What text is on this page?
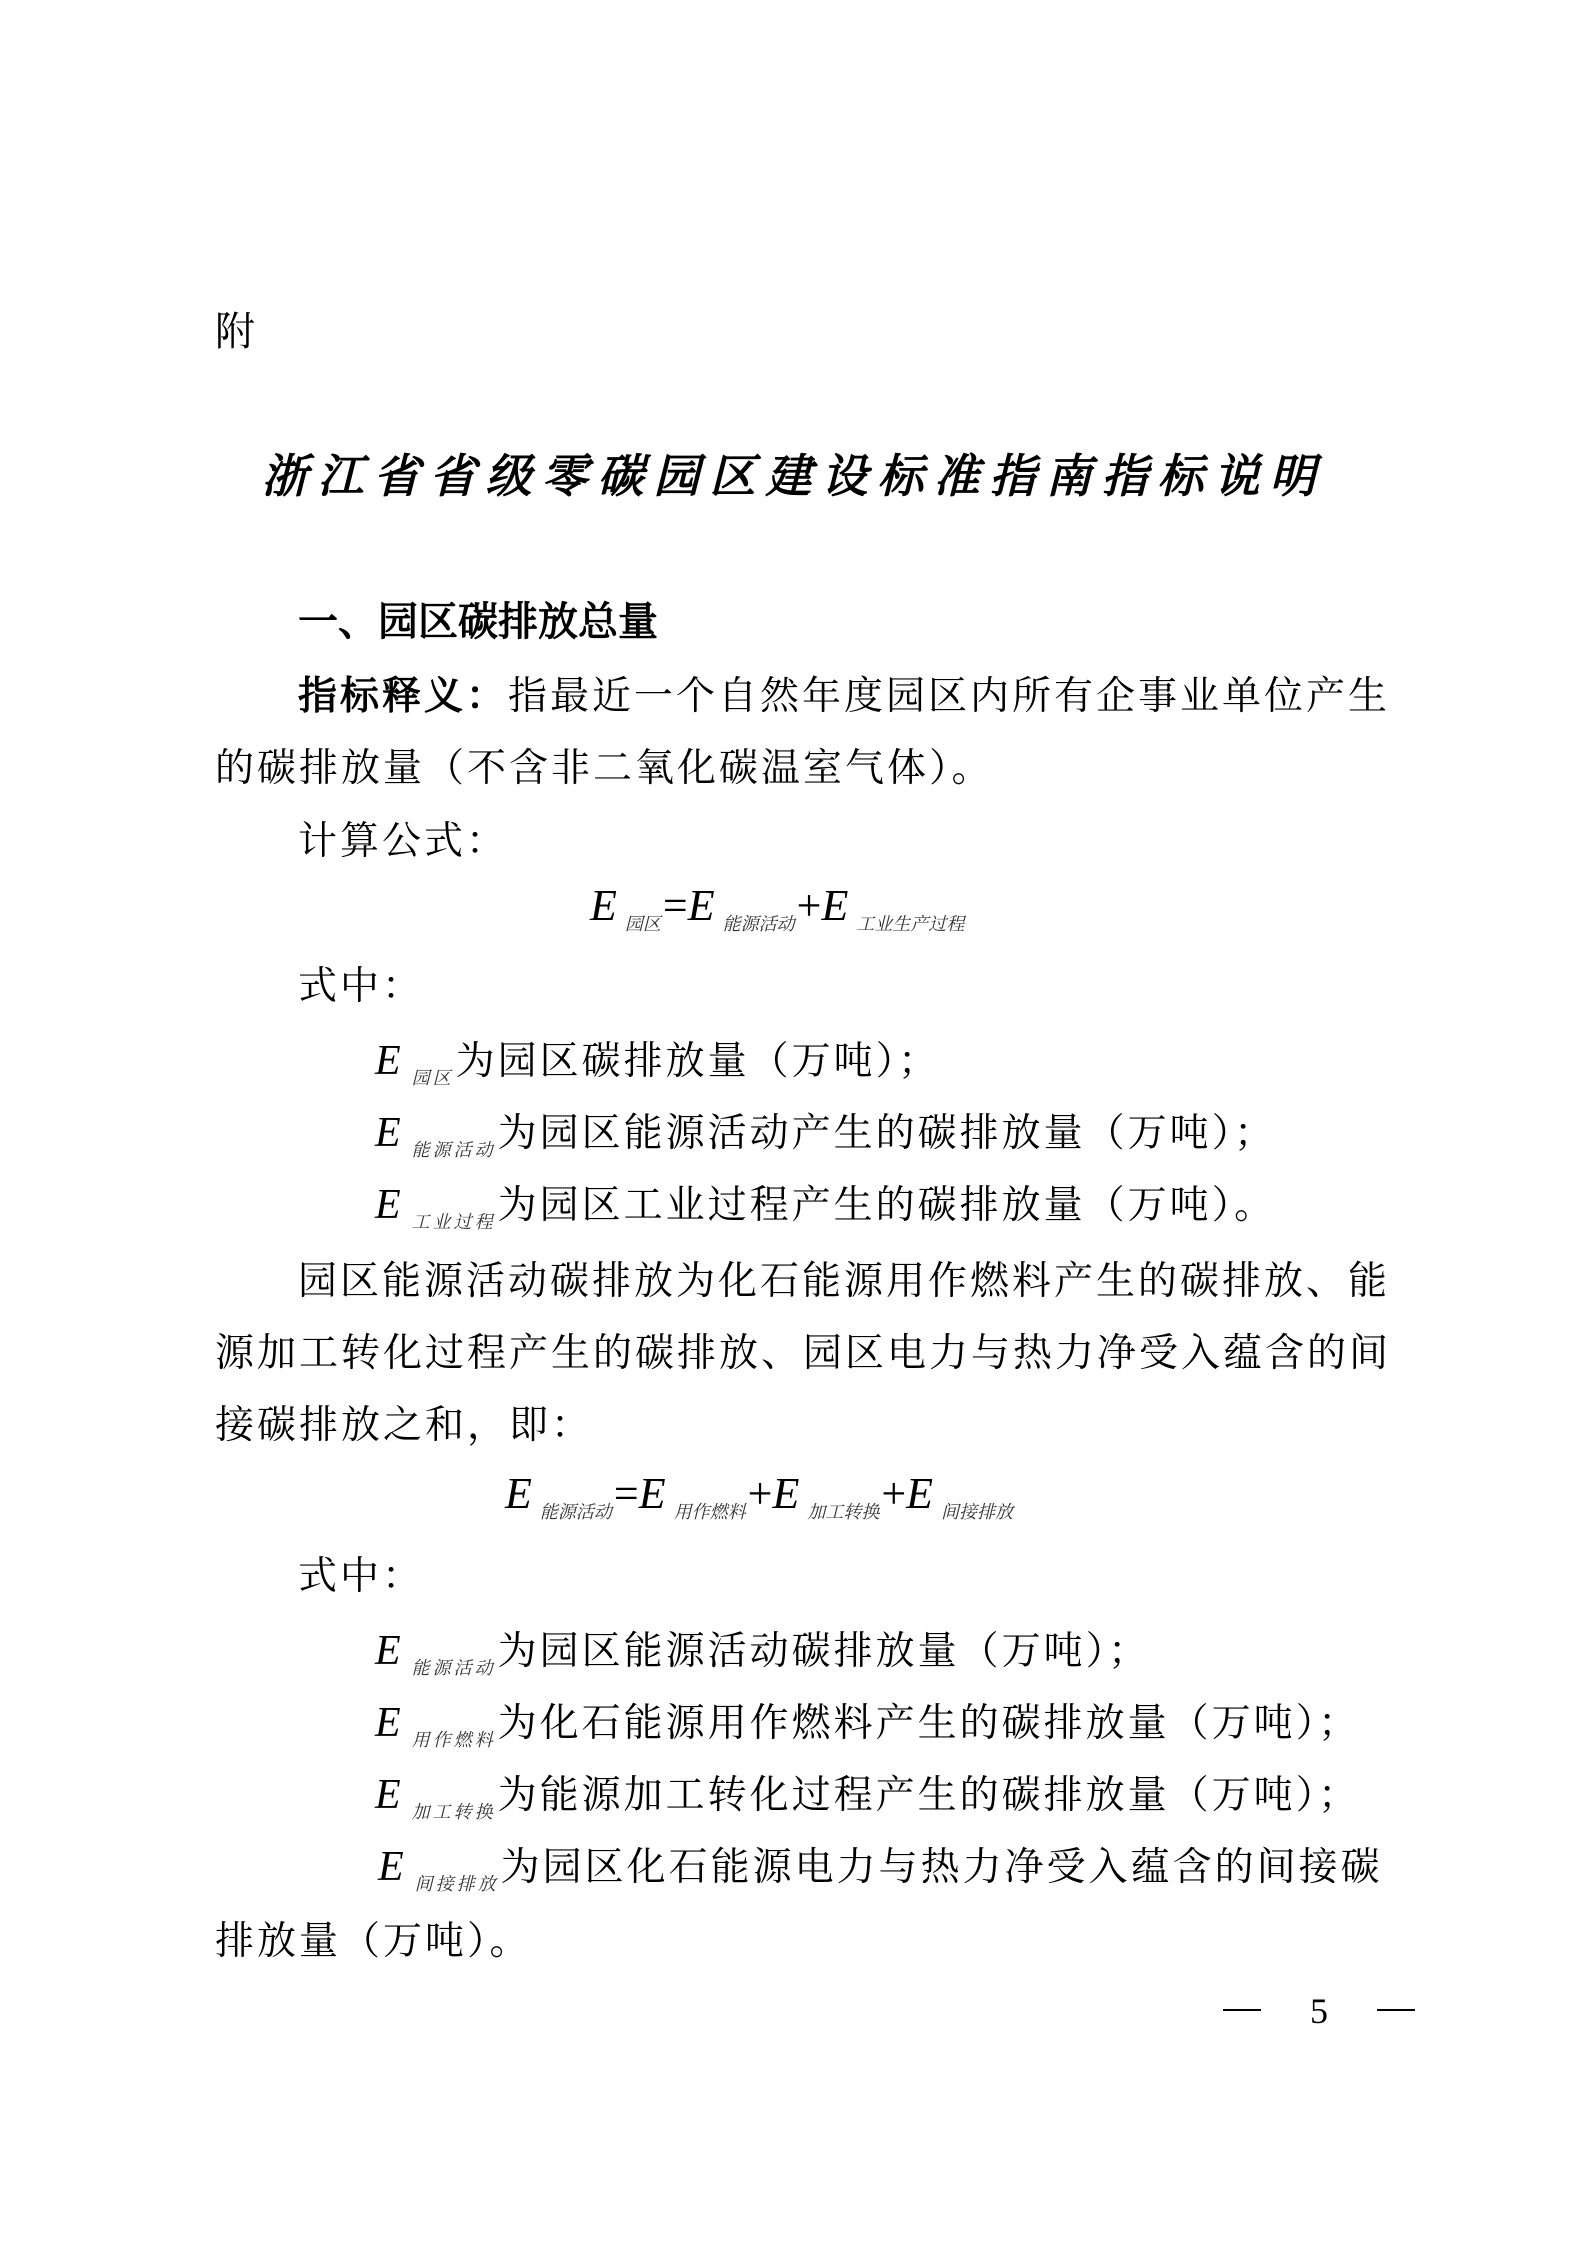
附
浙江省省级零碳园区建设标准指南指标说明
一、园区碳排放总量
指标释义：指最近一个自然年度园区内所有企事业单位产生
的碳排放量（不含非二氧化碳温室气体）。
计算公式：
E $_{园区}$=E $_{能源活动}$+E $_{工业生产过程}$
式中：
E $_{园区}$为园区碳排放量（万吨）；
E $_{能源活动}$为园区能源活动产生的碳排放量（万吨）；
E $_{工业过程}$为园区工业过程产生的碳排放量（万吨）。
园区能源活动碳排放为化石能源用作燃料产生的碳排放、能
源加工转化过程产生的碳排放、园区电力与热力净受入蕴含的间
接碳排放之和，即：
E $_{能源活动}$=E $_{用作燃料}$+E $_{加工转换}$+E $_{间接排放}$
式中：
E $_{能源活动}$为园区能源活动碳排放量（万吨）；
E $_{用作燃料}$为化石能源用作燃料产生的碳排放量（万吨）；
E $_{加工转换}$为能源加工转化过程产生的碳排放量（万吨）；
E $_{间接排放}$为园区化石能源电力与热力净受入蕴含的间接碳
排放量（万吨）。
5
